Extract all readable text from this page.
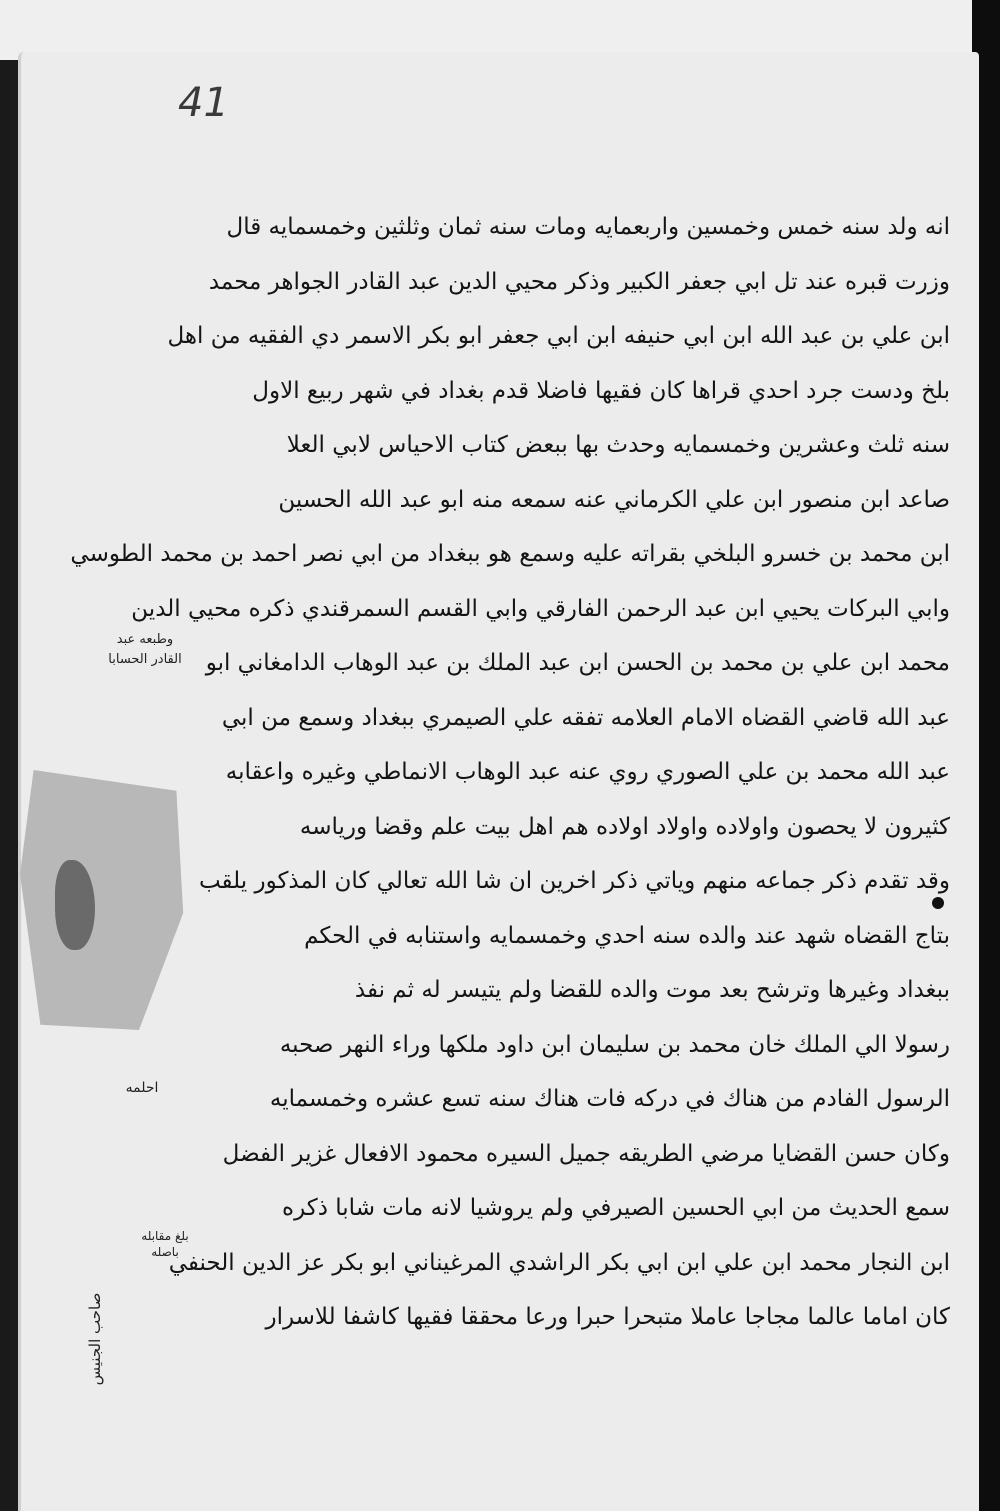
41
انه ولد سنه خمس وخمسين واربعمايه ومات سنه ثمان وثلثين وخمسمايه قال
وزرت قبره عند تل ابي جعفر الكبير وذكر محيي الدين عبد القادر الجواهر محمد
ابن علي بن عبد الله ابن ابي حنيفه ابن ابي جعفر ابو بكر الاسمر دي الفقيه من اهل
بلخ ودست جرد احدي قراها كان فقيها فاضلا قدم بغداد في شهر ربيع الاول
سنه ثلث وعشرين وخمسمايه وحدث بها ببعض كتاب الاحياس لابي العلا
صاعد ابن منصور ابن علي الكرماني عنه سمعه منه ابو عبد الله الحسين
ابن محمد بن خسرو البلخي بقراته عليه وسمع هو ببغداد من ابي نصر احمد بن محمد الطوسي
وابي البركات يحيي ابن عبد الرحمن الفارقي وابي القسم السمرقندي ذكره محيي الدين
محمد ابن علي بن محمد بن الحسن ابن عبد الملك بن عبد الوهاب الدامغاني ابو
عبد الله قاضي القضاه الامام العلامه تفقه علي الصيمري ببغداد وسمع من ابي
عبد الله محمد بن علي الصوري روي عنه عبد الوهاب الانماطي وغيره واعقابه
كثيرون لا يحصون واولاده واولاد اولاده هم اهل بيت علم وقضا ورياسه
وقد تقدم ذكر جماعه منهم وياتي ذكر اخرين ان شا الله تعالي كان المذكور يلقب
بتاج القضاه شهد عند والده سنه احدي وخمسمايه واستنابه في الحكم
ببغداد وغيرها وترشح بعد موت والده للقضا ولم يتيسر له ثم نفذ
رسولا الي الملك خان محمد بن سليمان ابن داود ملكها وراء النهر صحبه
الرسول الفادم من هناك في دركه فات هناك سنه تسع عشره وخمسمايه
وكان حسن القضايا مرضي الطريقه جميل السيره محمود الافعال غزير الفضل
سمع الحديث من ابي الحسين الصيرفي ولم يروشيا لانه مات شابا ذكره
ابن النجار محمد ابن علي ابن ابي بكر الراشدي المرغيناني ابو بكر عز الدين الحنفي
كان اماما عالما مجاجا عاملا متبحرا حبرا ورعا محققا فقيها كاشفا للاسرار
وطبعه عبد القادر الحسابا
احلمه
بلغ مقابله باصله
صاحب الجنيس
